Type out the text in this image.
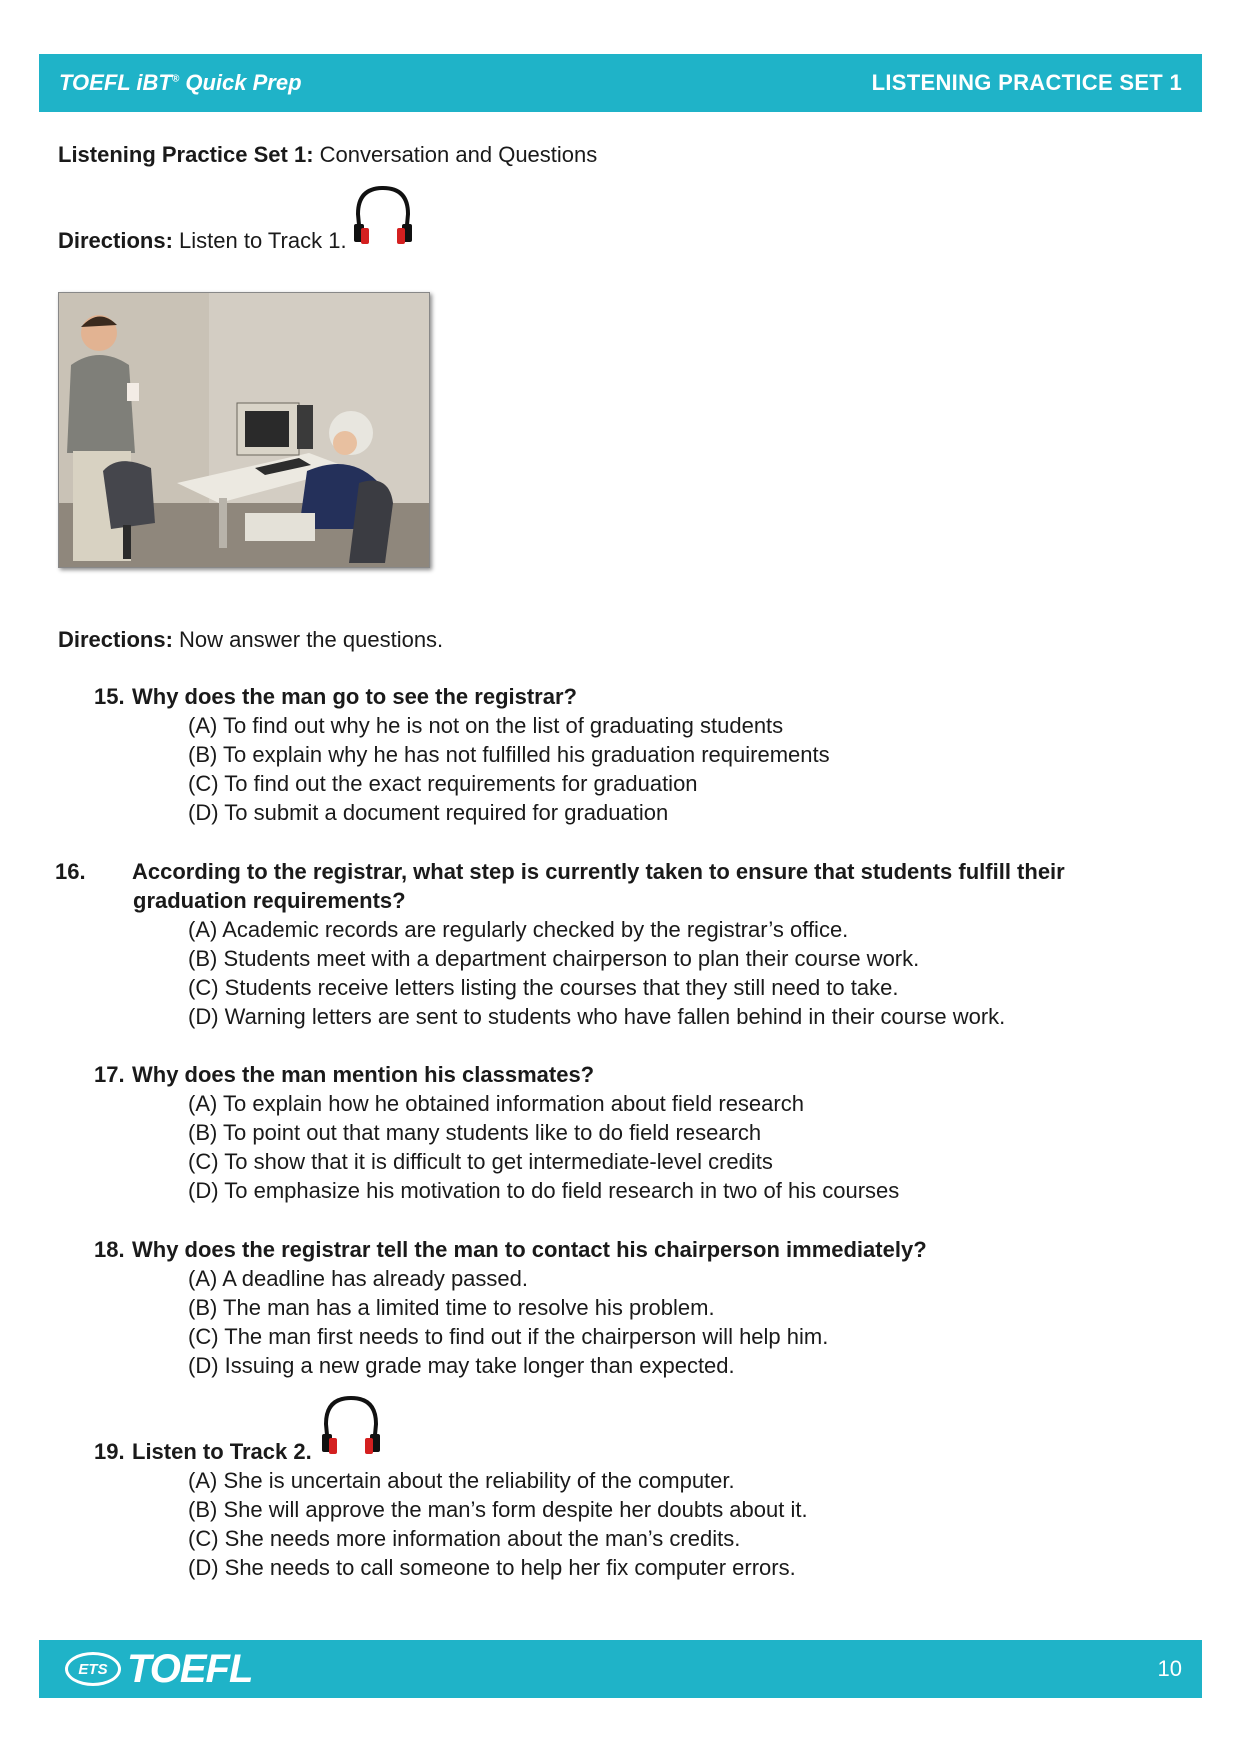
TOEFL iBT® Quick Prep	LISTENING PRACTICE SET 1
Listening Practice Set 1: Conversation and Questions
Directions: Listen to Track 1.
Directions: Now answer the questions.
15. Why does the man go to see the registrar?
(A) To find out why he is not on the list of graduating students
(B) To explain why he has not fulfilled his graduation requirements
(C) To find out the exact requirements for graduation
(D) To submit a document required for graduation
16. According to the registrar, what step is currently taken to ensure that students fulfill their graduation requirements?
(A) Academic records are regularly checked by the registrar’s office.
(B) Students meet with a department chairperson to plan their course work.
(C) Students receive letters listing the courses that they still need to take.
(D) Warning letters are sent to students who have fallen behind in their course work.
17. Why does the man mention his classmates?
(A) To explain how he obtained information about field research
(B) To point out that many students like to do field research
(C) To show that it is difficult to get intermediate-level credits
(D) To emphasize his motivation to do field research in two of his courses
18. Why does the registrar tell the man to contact his chairperson immediately?
(A) A deadline has already passed.
(B) The man has a limited time to resolve his problem.
(C) The man first needs to find out if the chairperson will help him.
(D) Issuing a new grade may take longer than expected.
19. Listen to Track 2.
(A) She is uncertain about the reliability of the computer.
(B) She will approve the man’s form despite her doubts about it.
(C) She needs more information about the man’s credits.
(D) She needs to call someone to help her fix computer errors.
ETS TOEFL	10
